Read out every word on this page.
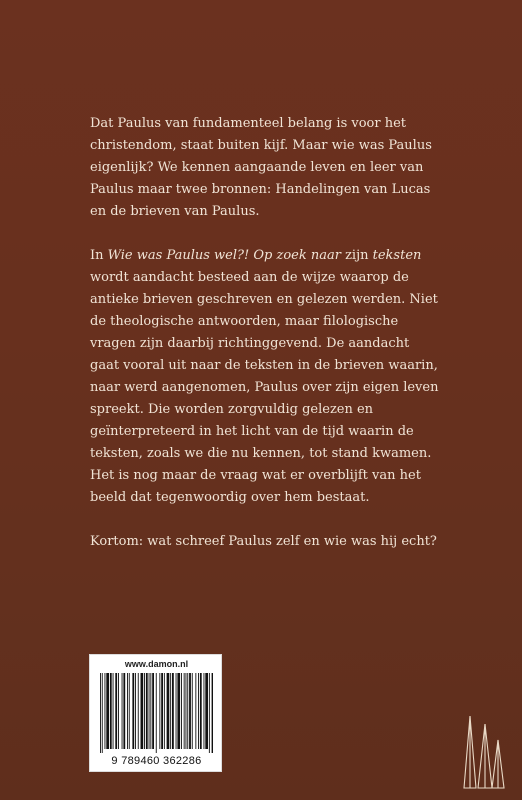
Dat Paulus van fundamenteel belang is voor het christendom, staat buiten kijf. Maar wie was Paulus eigenlijk? We kennen aangaande leven en leer van Paulus maar twee bronnen: Handelingen van Lucas en de brieven van Paulus.

In Wie was Paulus wel?! Op zoek naar zijn teksten wordt aandacht besteed aan de wijze waarop de antieke brieven geschreven en gelezen werden. Niet de theologische antwoorden, maar filologische vragen zijn daarbij richtinggevend. De aandacht gaat vooral uit naar de teksten in de brieven waarin, naar werd aangenomen, Paulus over zijn eigen leven spreekt. Die worden zorgvuldig gelezen en geïnterpreteerd in het licht van de tijd waarin de teksten, zoals we die nu kennen, tot stand kwamen. Het is nog maar de vraag wat er overblijft van het beeld dat tegenwoordig over hem bestaat.

Kortom: wat schreef Paulus zelf en wie was hij echt?

www.damon.nl
9 789460 362286
